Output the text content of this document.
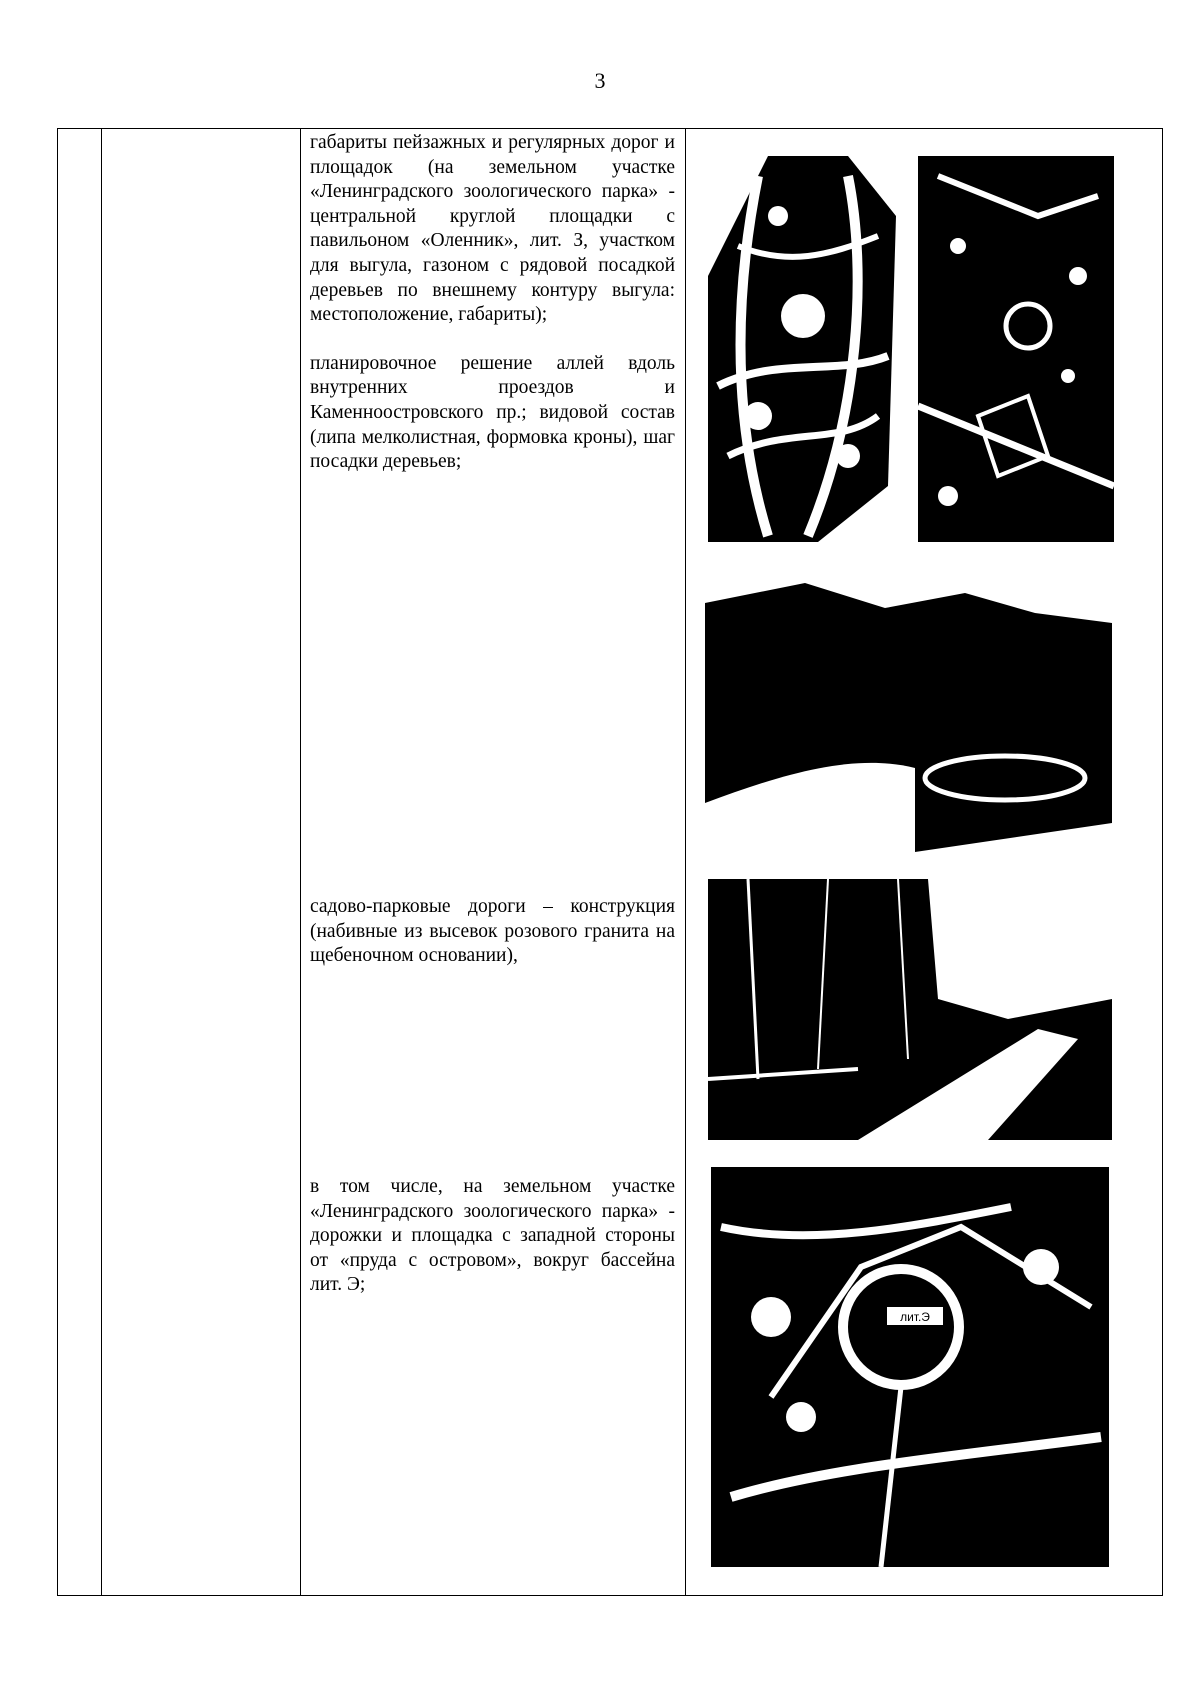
3

габариты пейзажных и регулярных дорог и площадок (на земельном участке «Ленинградского зоологического парка» - центральной круглой площадки с павильоном «Оленник», лит. З, участком для выгула, газоном с рядовой посадкой деревьев по внешнему контуру выгула: местоположение, габариты);

планировочное решение аллей вдоль внутренних проездов и Каменноостровского пр.; видовой состав (липа мелколистная, формовка кроны), шаг посадки деревьев;

садово-парковые дороги – конструкция (набивные из высевок розового гранита на щебеночном основании),

в том числе, на земельном участке «Ленинградского зоологического парка» - дорожки и площадка с западной стороны от «пруда с островом», вокруг бассейна лит. Э;

лит.Э
